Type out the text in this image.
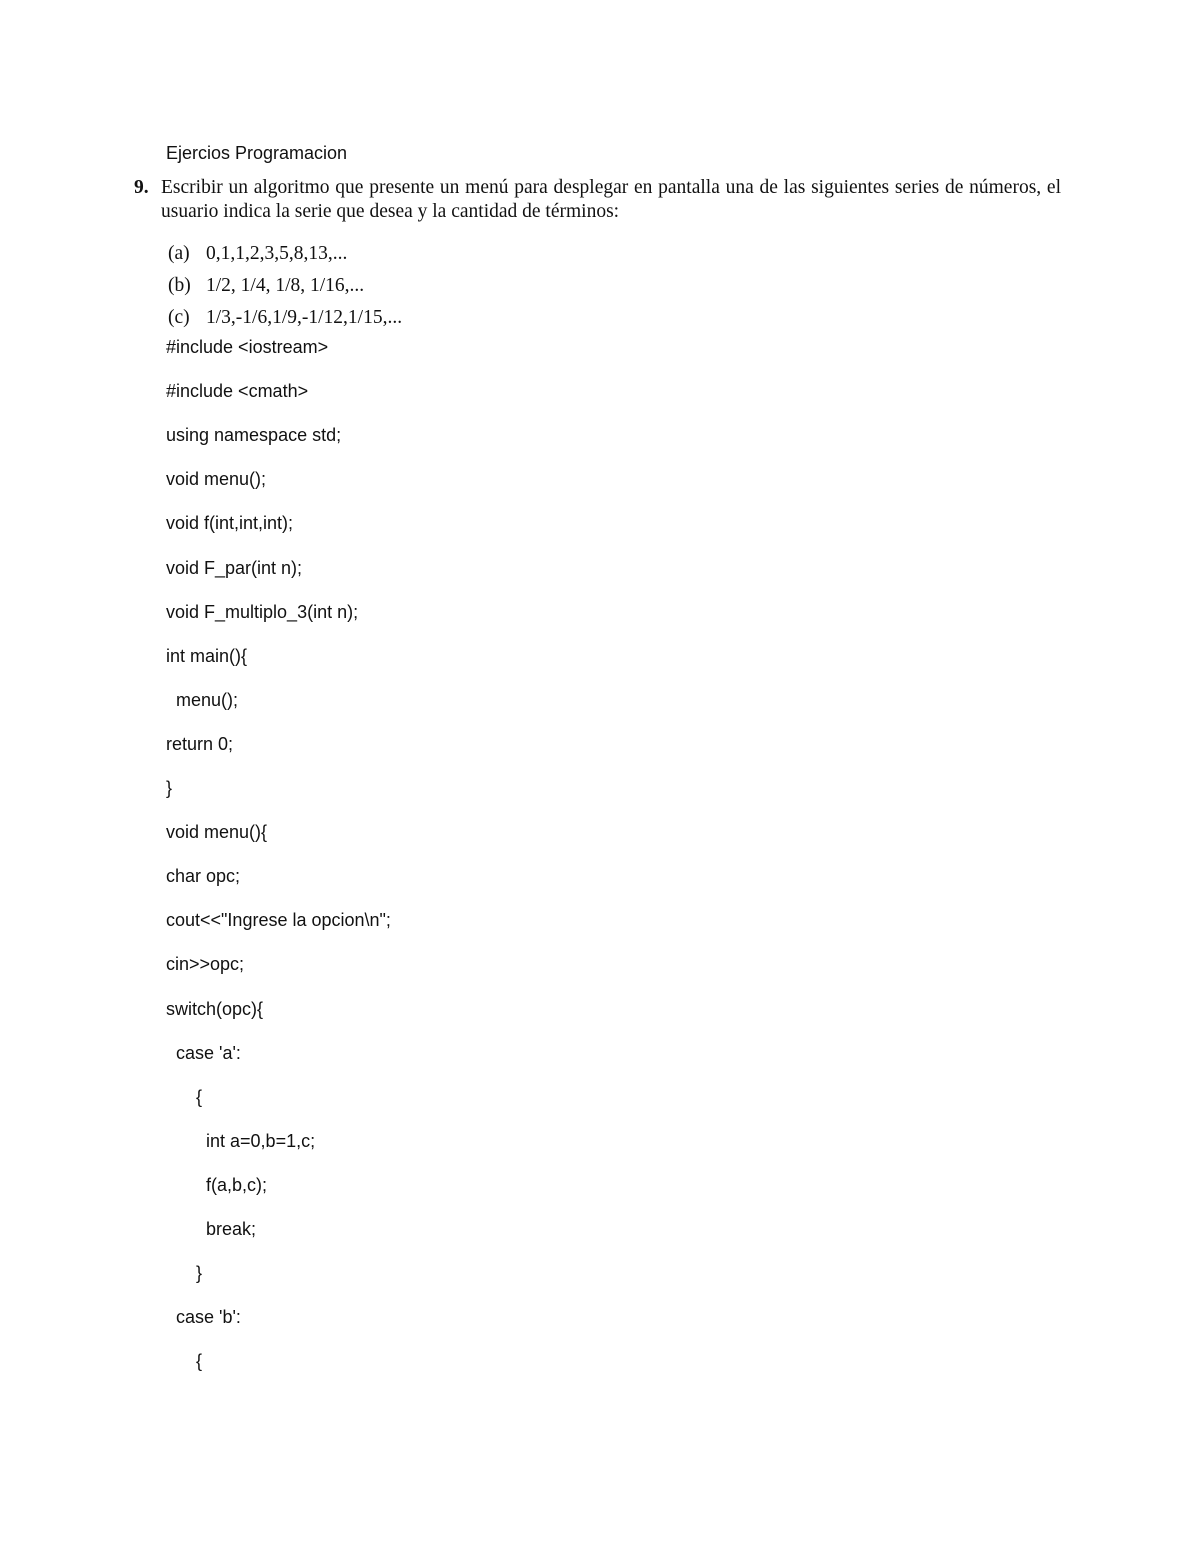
Ejercios Programacion
9. Escribir un algoritmo que presente un menú para desplegar en pantalla una de las siguientes series de números, el usuario indica la serie que desea y la cantidad de términos:
(a) 0,1,1,2,3,5,8,13,...
(b) 1/2, 1/4, 1/8, 1/16,...
(c) 1/3,-1/6,1/9,-1/12,1/15,...
#include <iostream>
#include <cmath>
using namespace std;
void menu();
void f(int,int,int);
void F_par(int n);
void F_multiplo_3(int n);
int main(){
menu();
return 0;
}
void menu(){
char opc;
cout<<"Ingrese la opcion\n";
cin>>opc;
switch(opc){
case 'a':
{
int a=0,b=1,c;
f(a,b,c);
break;
}
case 'b':
{
